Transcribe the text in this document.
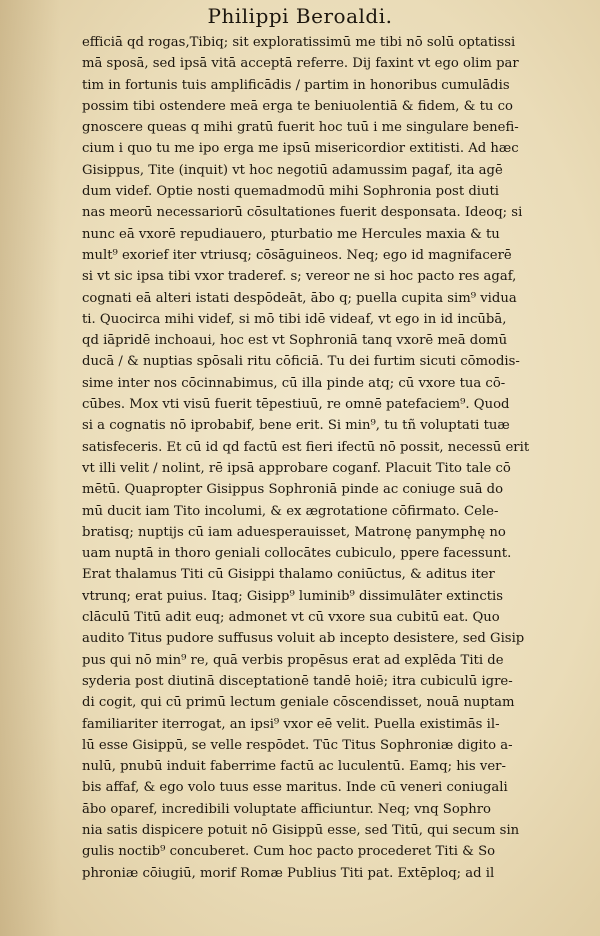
Philippi Beroaldi.
efficiā qd rogas,Tibiq; sit exploratissimū me tibi nō solū optatissi
mā sposā, sed ipsā vitā acceptā referre. Dij faxint vt ego olim par
tim in fortunis tuis amplificādis / partim in honoribus cumulādis
possim tibi ostendere meā erga te beniuolentiā & fidem, & tu co
gnoscere queas q mihi gratū fuerit hoc tuū i me singulare benefi-
cium i quo tu me ipo erga me ipsū misericordior extitisti. Ad hæc
Gisippus, Tite (inquit) vt hoc negotiū adamussim pagaf, ita agē
dum videf. Optie nosti quemadmodū mihi Sophronia post diuti
nas meorū necessariorū cōsultationes fuerit desponsata. Ideoq; si
nunc eā vxorē repudiauero, pturbatio me Hercules maxia & tu
mult⁹ exorief iter vtriusq; cōsāguineos. Neq; ego id magnifacerē
si vt sic ipsa tibi vxor traderef. s; vereor ne si hoc pacto res agaf,
cognati eā alteri istati despōdeāt, ābo q; puella cupita sim⁹ vidua
ti. Quocirca mihi videf, si mō tibi idē videaf, vt ego in id incūbā,
qd iāpridē inchoaui, hoc est vt Sophroniā tanq vxorē meā domū
ducā / & nuptias spōsali ritu cōficiā. Tu dei furtim sicuti cōmodis-
sime inter nos cōcinnabimus, cū illa pinde atq; cū vxore tua cō-
cūbes. Mox vti visū fuerit tēpestiuū, re omnē patefaciem⁹. Quod
si a cognatis nō iprobabif, bene erit. Si min⁹, tu tñ voluptati tuæ
satisfeceris. Et cū id qd factū est fieri ifectū nō possit, necessū erit
vt illi velit / nolint, rē ipsā approbare coganf. Placuit Tito tale cō
mētū. Quapropter Gisippus Sophroniā pinde ac coniuge suā do
mū ducit iam Tito incolumi, & ex ægrotatione cōfirmato. Cele-
bratisq; nuptijs cū iam aduesperauisset, Matronę panymphę no
uam nuptā in thoro geniali collocātes cubiculo, ppere facessunt.
Erat thalamus Titi cū Gisippi thalamo coniūctus, & aditus iter
vtrunq; erat puius. Itaq; Gisipp⁹ luminib⁹ dissimulāter extinctis
clāculū Titū adit euq; admonet vt cū vxore sua cubitū eat. Quo
audito Titus pudore suffusus voluit ab incepto desistere, sed Gisip
pus qui nō min⁹ re, quā verbis propēsus erat ad explēda Titi de
syderia post diutinā disceptationē tandē hoiē; itra cubiculū igre-
di cogit, qui cū primū lectum geniale cōscendisset, nouā nuptam
familiariter iterrogat, an ipsi⁹ vxor eē velit. Puella existimās il-
lū esse Gisippū, se velle respōdet. Tūc Titus Sophroniæ digito a-
nulū, pnubū induit faberrime factū ac luculentū. Eamq; his ver-
bis affaf, & ego volo tuus esse maritus. Inde cū veneri coniugali
ābo oparef, incredibili voluptate afficiuntur. Neq; vnq Sophro
nia satis dispicere potuit nō Gisippū esse, sed Titū, qui secum sin
gulis noctib⁹ concuberet. Cum hoc pacto procederet Titi & So
phroniæ cōiugiū, morif Romæ Publius Titi pat. Extēploq; ad il
